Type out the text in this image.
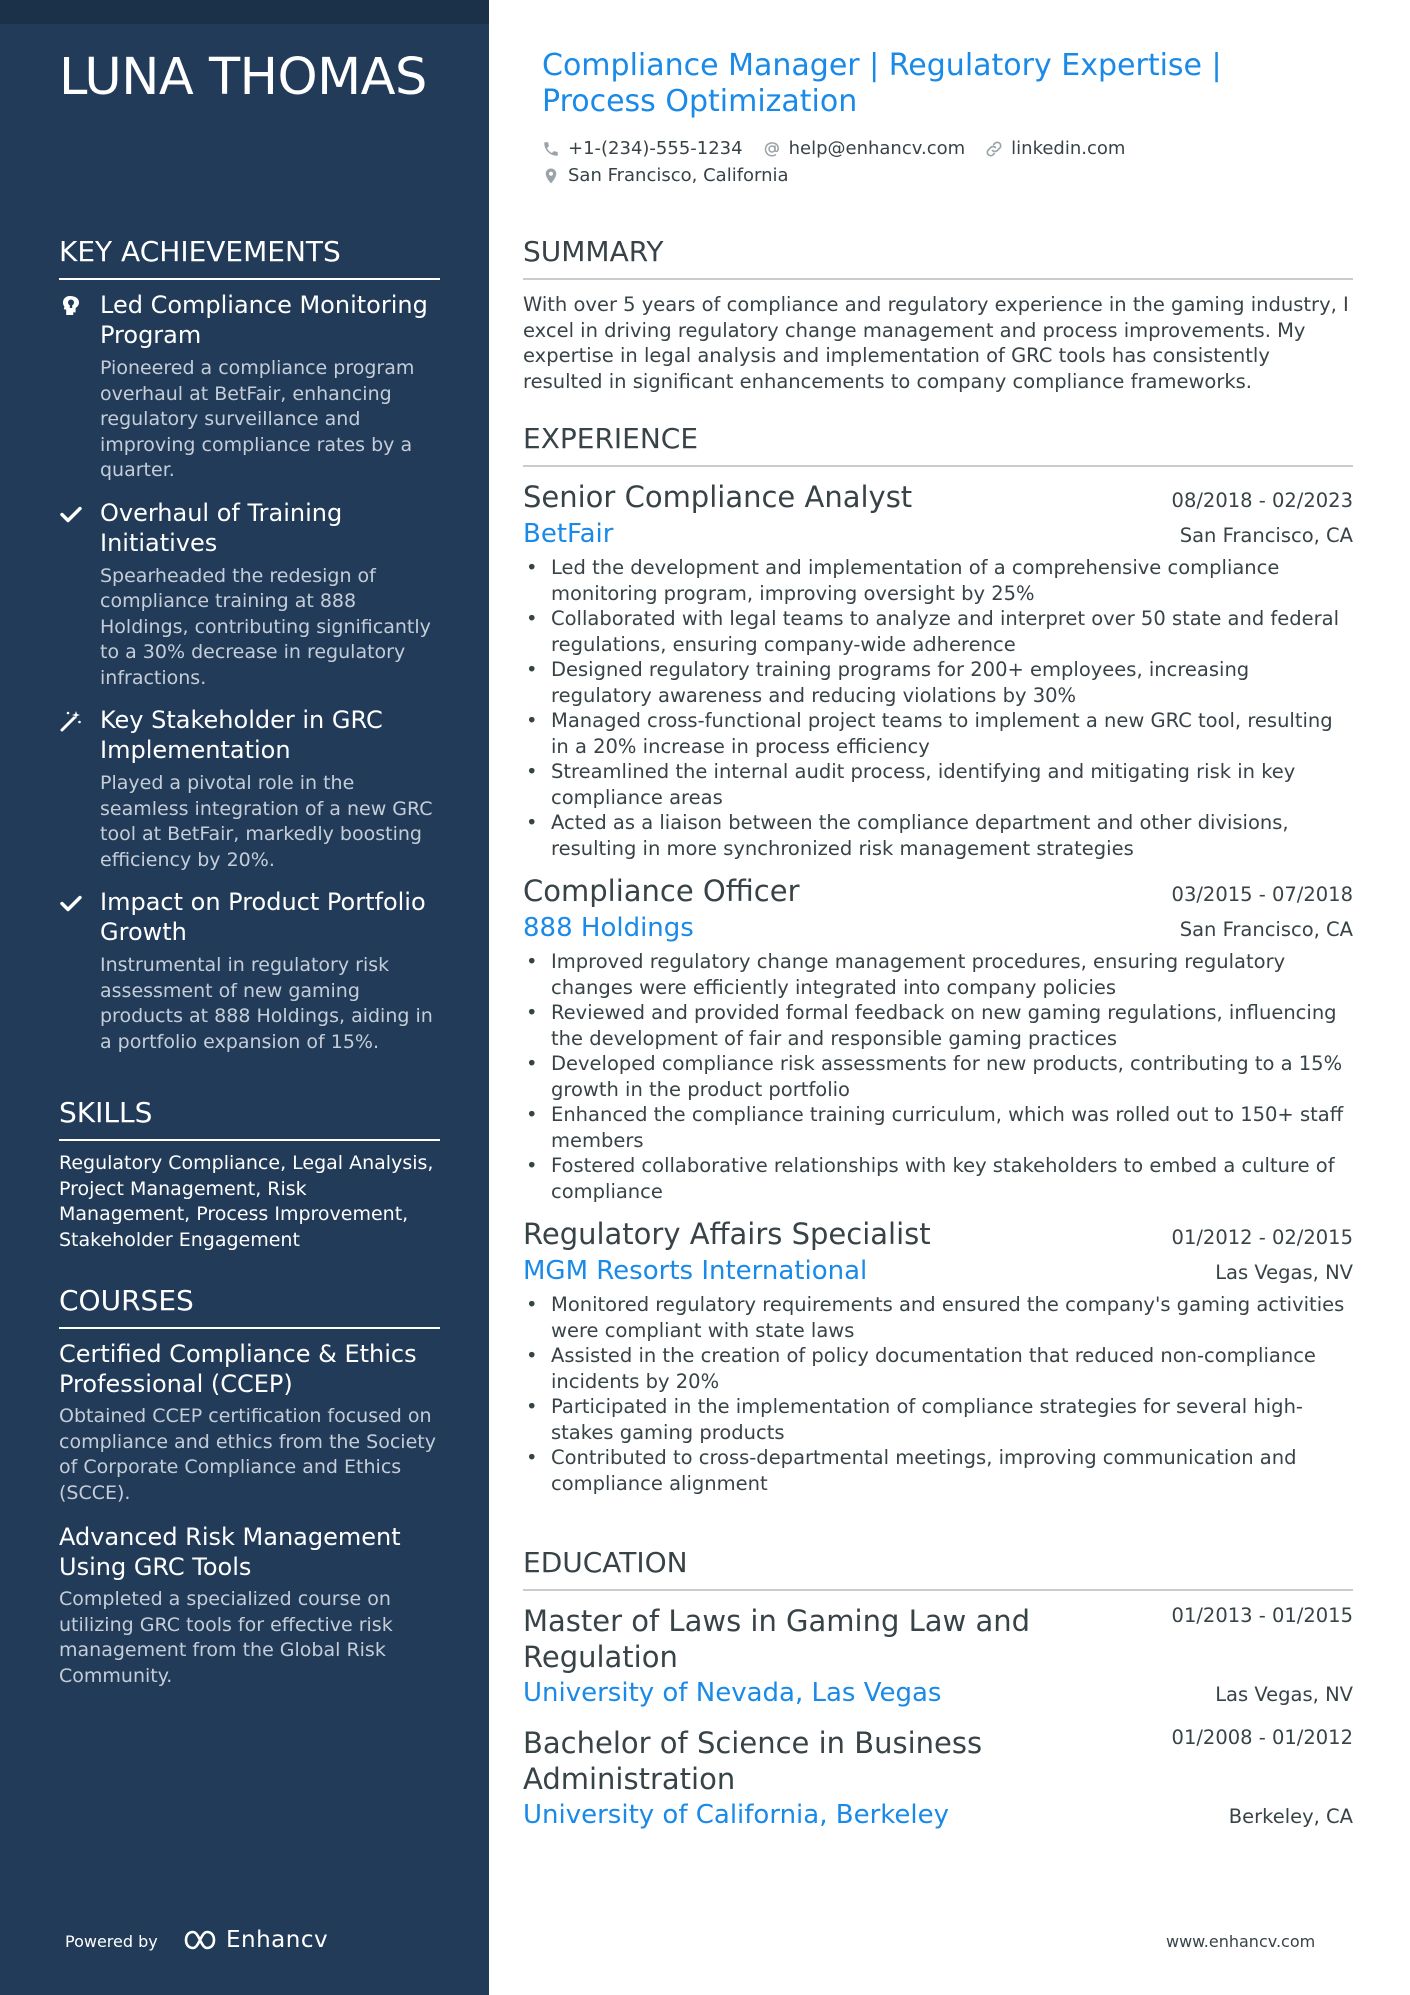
LUNA THOMAS
KEY ACHIEVEMENTS
Led Compliance Monitoring Program
Pioneered a compliance program overhaul at BetFair, enhancing regulatory surveillance and improving compliance rates by a quarter.
Overhaul of Training Initiatives
Spearheaded the redesign of compliance training at 888 Holdings, contributing significantly to a 30% decrease in regulatory infractions.
Key Stakeholder in GRC Implementation
Played a pivotal role in the seamless integration of a new GRC tool at BetFair, markedly boosting efficiency by 20%.
Impact on Product Portfolio Growth
Instrumental in regulatory risk assessment of new gaming products at 888 Holdings, aiding in a portfolio expansion of 15%.
SKILLS
Regulatory Compliance, Legal Analysis, Project Management, Risk Management, Process Improvement, Stakeholder Engagement
COURSES
Certified Compliance & Ethics Professional (CCEP)
Obtained CCEP certification focused on compliance and ethics from the Society of Corporate Compliance and Ethics (SCCE).
Advanced Risk Management Using GRC Tools
Completed a specialized course on utilizing GRC tools for effective risk management from the Global Risk Community.
Powered by	Enhancv
Compliance Manager | Regulatory Expertise | Process Optimization
+1-(234)-555-1234	help@enhancv.com	linkedin.com
San Francisco, California
SUMMARY
With over 5 years of compliance and regulatory experience in the gaming industry, I excel in driving regulatory change management and process improvements. My expertise in legal analysis and implementation of GRC tools has consistently resulted in significant enhancements to company compliance frameworks.
EXPERIENCE
Senior Compliance Analyst	08/2018 - 02/2023
BetFair	San Francisco, CA
• Led the development and implementation of a comprehensive compliance monitoring program, improving oversight by 25%
• Collaborated with legal teams to analyze and interpret over 50 state and federal regulations, ensuring company-wide adherence
• Designed regulatory training programs for 200+ employees, increasing regulatory awareness and reducing violations by 30%
• Managed cross-functional project teams to implement a new GRC tool, resulting in a 20% increase in process efficiency
• Streamlined the internal audit process, identifying and mitigating risk in key compliance areas
• Acted as a liaison between the compliance department and other divisions, resulting in more synchronized risk management strategies
Compliance Officer	03/2015 - 07/2018
888 Holdings	San Francisco, CA
• Improved regulatory change management procedures, ensuring regulatory changes were efficiently integrated into company policies
• Reviewed and provided formal feedback on new gaming regulations, influencing the development of fair and responsible gaming practices
• Developed compliance risk assessments for new products, contributing to a 15% growth in the product portfolio
• Enhanced the compliance training curriculum, which was rolled out to 150+ staff members
• Fostered collaborative relationships with key stakeholders to embed a culture of compliance
Regulatory Affairs Specialist	01/2012 - 02/2015
MGM Resorts International	Las Vegas, NV
• Monitored regulatory requirements and ensured the company's gaming activities were compliant with state laws
• Assisted in the creation of policy documentation that reduced non-compliance incidents by 20%
• Participated in the implementation of compliance strategies for several high-stakes gaming products
• Contributed to cross-departmental meetings, improving communication and compliance alignment
EDUCATION
Master of Laws in Gaming Law and Regulation
01/2013 - 01/2015
University of Nevada, Las Vegas	Las Vegas, NV
Bachelor of Science in Business Administration
01/2008 - 01/2012
University of California, Berkeley	Berkeley, CA
www.enhancv.com
